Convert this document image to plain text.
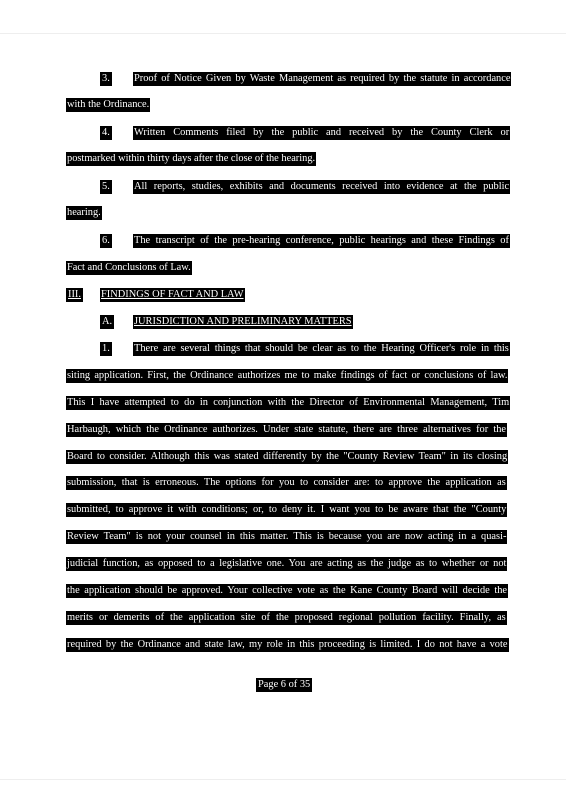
3. Proof of Notice Given by Waste Management as required by the statute in accordance
with the Ordinance.
4. Written Comments filed by the public and received by the County Clerk or
postmarked within thirty days after the close of the hearing.
5. All reports, studies, exhibits and documents received into evidence at the public
hearing.
6. The transcript of the pre-hearing conference, public hearings and these Findings of
Fact and Conclusions of Law.
III. FINDINGS OF FACT AND LAW
A. JURISDICTION AND PRELIMINARY MATTERS
1. There are several things that should be clear as to the Hearing Officer's role in this
siting application. First, the Ordinance authorizes me to make findings of fact or conclusions of law.
This I have attempted to do in conjunction with the Director of Environmental Management, Tim
Harbaugh, which the Ordinance authorizes. Under state statute, there are three alternatives for the
Board to consider. Although this was stated differently by the "County Review Team" in its closing
submission, that is erroneous. The options for you to consider are: to approve the application as
submitted, to approve it with conditions; or, to deny it. I want you to be aware that the "County
Review Team" is not your counsel in this matter. This is because you are now acting in a quasi-
judicial function, as opposed to a legislative one. You are acting as the judge as to whether or not
the application should be approved. Your collective vote as the Kane County Board will decide the
merits or demerits of the application site of the proposed regional pollution facility. Finally, as
required by the Ordinance and state law, my role in this proceeding is limited. I do not have a vote
Page 6 of 35
